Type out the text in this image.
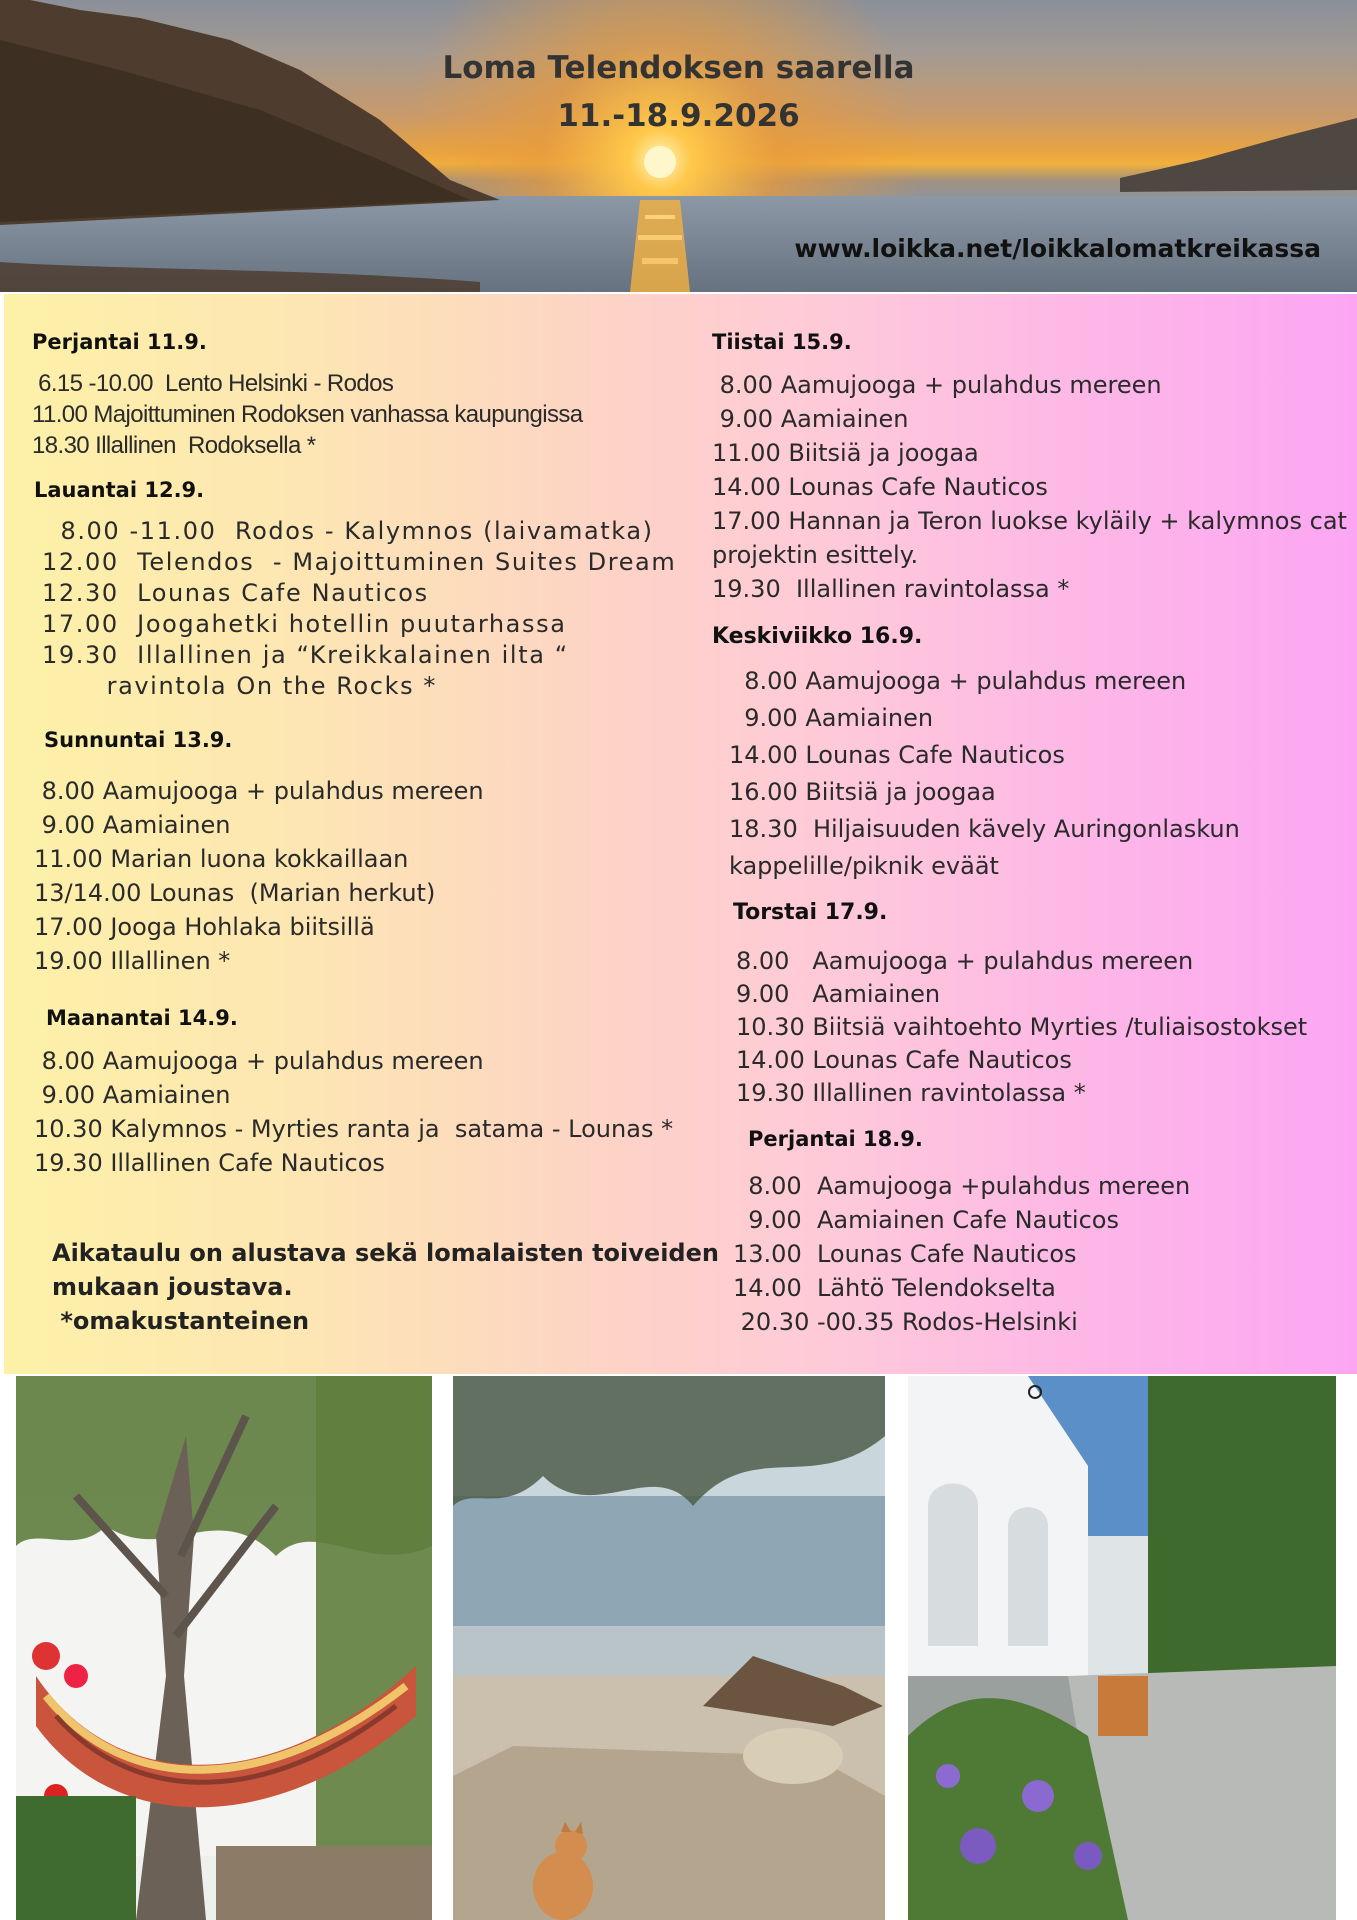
Loma Telendoksen saarella
11.-18.9.2026
www.loikka.net/loikkalomatkreikassa
Perjantai 11.9.
6.15 -10.00  Lento Helsinki - Rodos
11.00 Majoittuminen Rodoksen vanhassa kaupungissa
18.30 Illallinen  Rodoksella *
Lauantai 12.9.
8.00 -11.00  Rodos - Kalymnos (laivamatka)
12.00  Telendos  - Majoittuminen Suites Dream
12.30  Lounas Cafe Nauticos
17.00  Joogahetki hotellin puutarhassa
19.30  Illallinen ja “Kreikkalainen ilta “
ravintola On the Rocks *
Sunnuntai 13.9.
8.00 Aamujooga + pulahdus mereen
9.00 Aamiainen
11.00 Marian luona kokkaillaan
13/14.00 Lounas  (Marian herkut)
17.00 Jooga Hohlaka biitsillä
19.00 Illallinen *
Maanantai 14.9.
8.00 Aamujooga + pulahdus mereen
9.00 Aamiainen
10.30 Kalymnos - Myrties ranta ja  satama - Lounas *
19.30 Illallinen Cafe Nauticos
Aikataulu on alustava sekä lomalaisten toiveiden
mukaan joustava.
*omakustanteinen
Tiistai 15.9.
8.00 Aamujooga + pulahdus mereen
9.00 Aamiainen
11.00 Biitsiä ja joogaa
14.00 Lounas Cafe Nauticos
17.00 Hannan ja Teron luokse kyläily + kalymnos cat
projektin esittely.
19.30  Illallinen ravintolassa *
Keskiviikko 16.9.
8.00 Aamujooga + pulahdus mereen
9.00 Aamiainen
14.00 Lounas Cafe Nauticos
16.00 Biitsiä ja joogaa
18.30  Hiljaisuuden kävely Auringonlaskun
kappelille/piknik eväät
Torstai 17.9.
8.00   Aamujooga + pulahdus mereen
9.00   Aamiainen
10.30 Biitsiä vaihtoehto Myrties /tuliaisostokset
14.00 Lounas Cafe Nauticos
19.30 Illallinen ravintolassa *
Perjantai 18.9.
8.00  Aamujooga +pulahdus mereen
9.00  Aamiainen Cafe Nauticos
13.00  Lounas Cafe Nauticos
14.00  Lähtö Telendokselta
20.30 -00.35 Rodos-Helsinki
